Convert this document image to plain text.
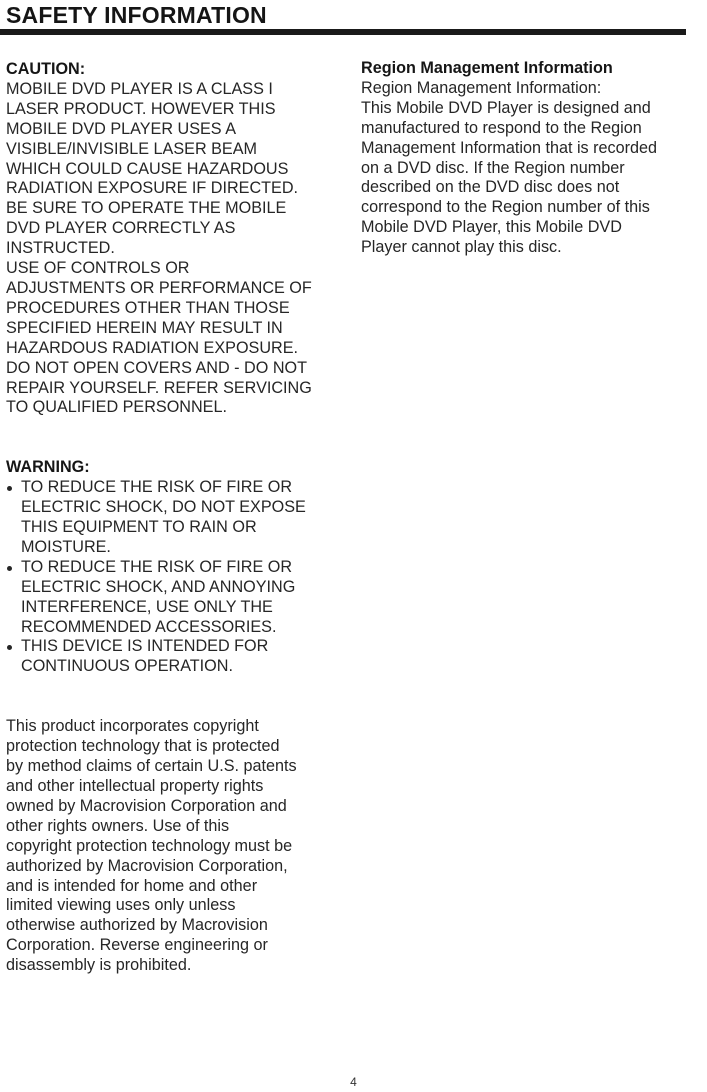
SAFETY INFORMATION
CAUTION:
MOBILE DVD PLAYER IS A CLASS I
LASER PRODUCT. HOWEVER THIS
MOBILE DVD PLAYER USES A
VISIBLE/INVISIBLE LASER BEAM
WHICH COULD CAUSE HAZARDOUS
RADIATION EXPOSURE IF DIRECTED.
BE SURE TO OPERATE THE MOBILE
DVD PLAYER CORRECTLY AS
INSTRUCTED.
USE OF CONTROLS OR
ADJUSTMENTS OR PERFORMANCE OF
PROCEDURES OTHER THAN THOSE
SPECIFIED HEREIN MAY RESULT IN
HAZARDOUS RADIATION EXPOSURE.
DO NOT OPEN COVERS AND - DO NOT
REPAIR YOURSELF. REFER SERVICING
TO QUALIFIED PERSONNEL.
WARNING:
TO REDUCE THE RISK OF FIRE OR
ELECTRIC SHOCK, DO NOT EXPOSE
THIS EQUIPMENT TO RAIN OR
MOISTURE.
TO REDUCE THE RISK OF FIRE OR
ELECTRIC SHOCK, AND ANNOYING
INTERFERENCE, USE ONLY THE
RECOMMENDED ACCESSORIES.
THIS DEVICE IS INTENDED FOR
CONTINUOUS OPERATION.
This product incorporates copyright
protection technology that is protected
by method claims of certain U.S. patents
and other intellectual property rights
owned by Macrovision Corporation and
other rights owners. Use of this
copyright protection technology must be
authorized by Macrovision Corporation,
and is intended for home and other
limited viewing uses only unless
otherwise authorized by Macrovision
Corporation. Reverse engineering or
disassembly is prohibited.
Region Management Information
Region Management Information:
This Mobile DVD Player is designed and
manufactured to respond to the Region
Management Information that is recorded
on a DVD disc. If the Region number
described on the DVD disc does not
correspond to the Region number of this
Mobile DVD Player, this Mobile DVD
Player cannot play this disc.
4
